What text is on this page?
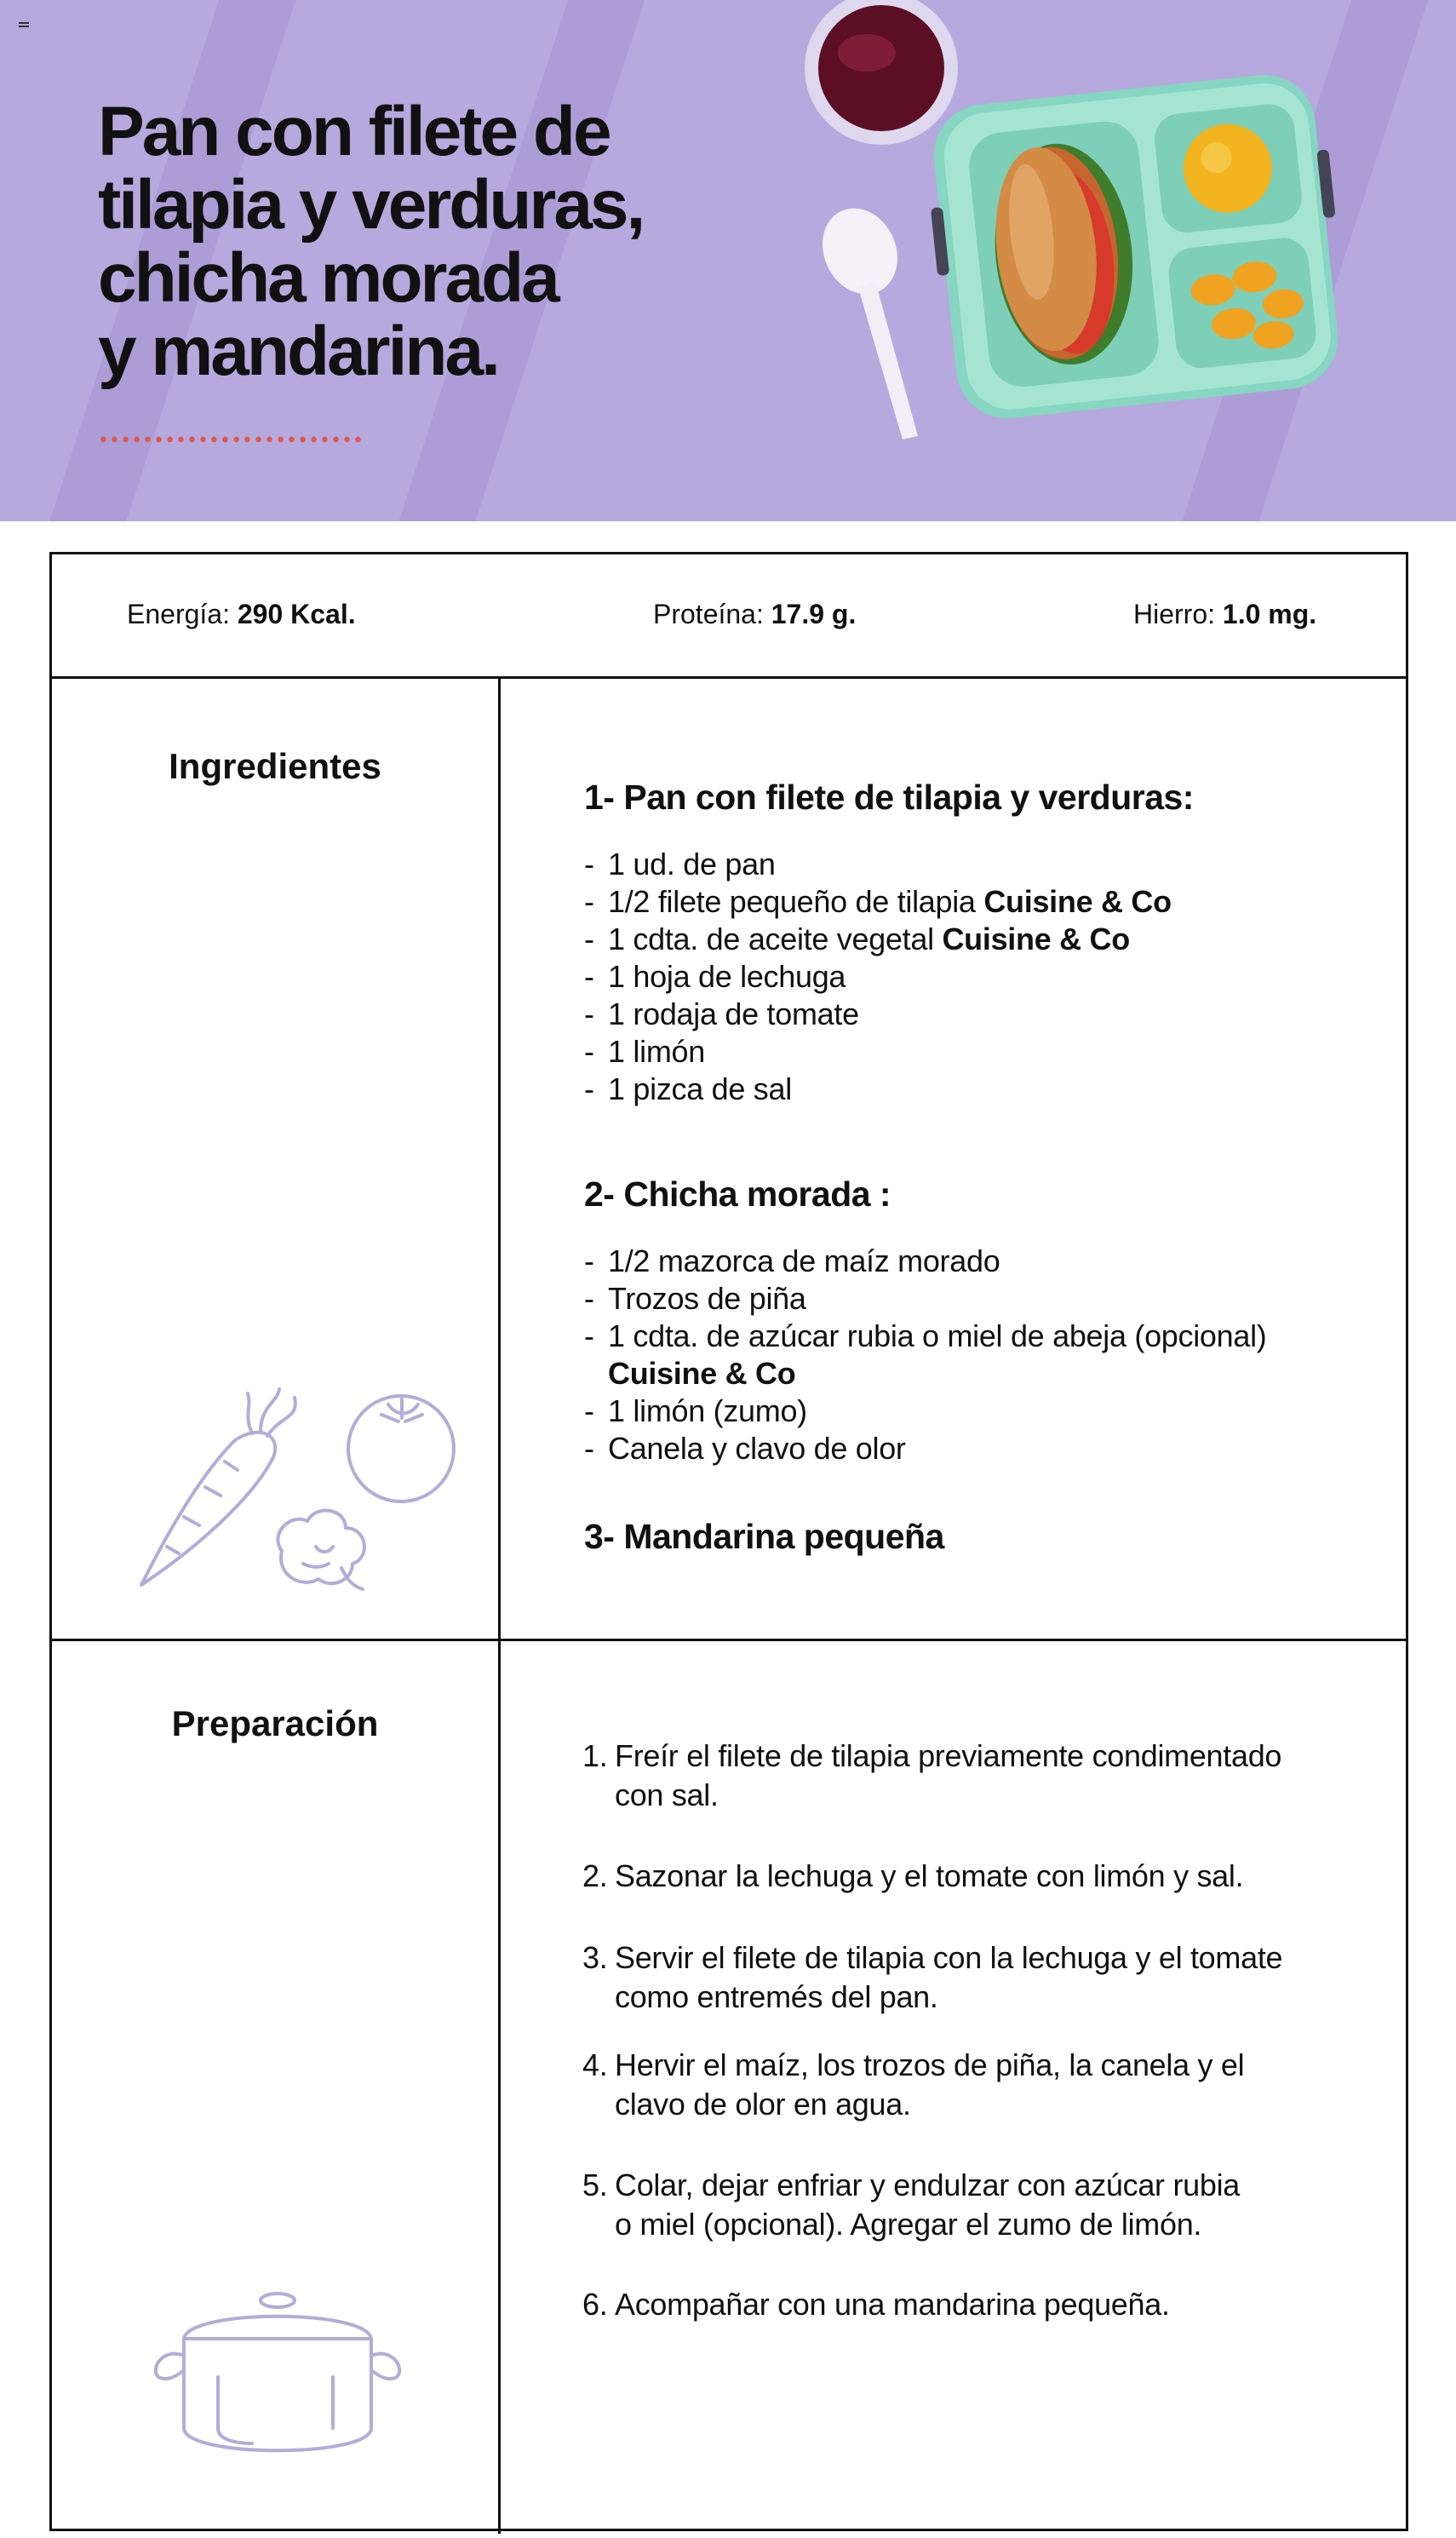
Pan con filete de
tilapia y verduras,
chicha morada
y mandarina.
Energía: 290 Kcal.	Proteína: 17.9 g.	Hierro: 1.0 mg.
Ingredientes
1- Pan con filete de tilapia y verduras:
- 1 ud. de pan
- 1/2 filete pequeño de tilapia Cuisine & Co
- 1 cdta. de aceite vegetal Cuisine & Co
- 1 hoja de lechuga
- 1 rodaja de tomate
- 1 limón
- 1 pizca de sal
2- Chicha morada :
- 1/2 mazorca de maíz morado
- Trozos de piña
- 1 cdta. de azúcar rubia o miel de abeja (opcional)
Cuisine & Co
- 1 limón (zumo)
- Canela y clavo de olor
3- Mandarina pequeña
Preparación
1. Freír el filete de tilapia previamente condimentado
con sal.
2. Sazonar la lechuga y el tomate con limón y sal.
3. Servir el filete de tilapia con la lechuga y el tomate
como entremés del pan.
4. Hervir el maíz, los trozos de piña, la canela y el
clavo de olor en agua.
5. Colar, dejar enfriar y endulzar con azúcar rubia
o miel (opcional). Agregar el zumo de limón.
6. Acompañar con una mandarina pequeña.
